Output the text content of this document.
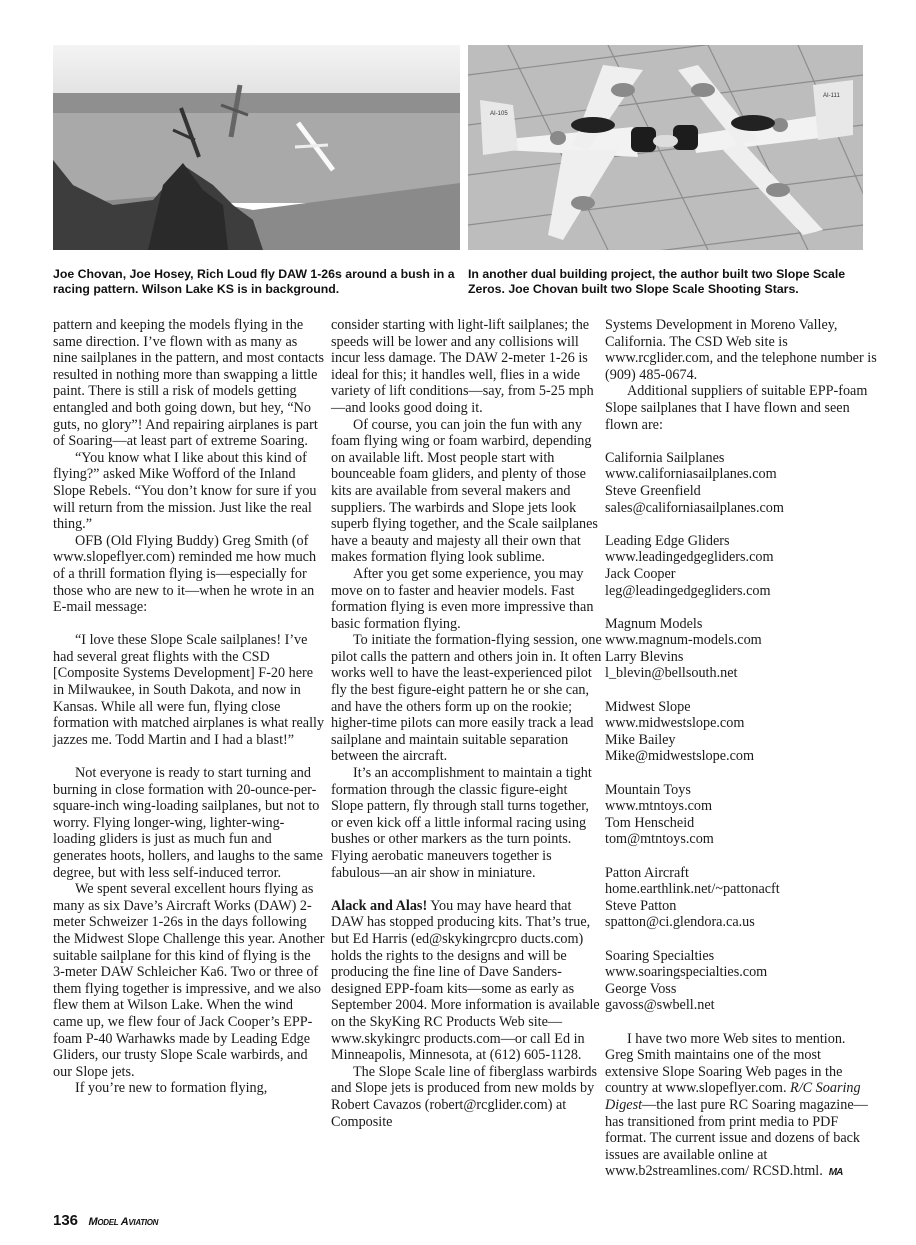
AI-105
AI-111
Joe Chovan, Joe Hosey, Rich Loud fly DAW 1-26s around a bush in a racing pattern. Wilson Lake KS is in background.
In another dual building project, the author built two Slope Scale Zeros. Joe Chovan built two Slope Scale Shooting Stars.

pattern and keeping the models flying in the same direction. I’ve flown with as many as nine sailplanes in the pattern, and most contacts resulted in nothing more than swapping a little paint. There is still a risk of models getting entangled and both going down, but hey, “No guts, no glory”! And repairing airplanes is part of Soaring—at least part of extreme Soaring.

“You know what I like about this kind of flying?” asked Mike Wofford of the Inland Slope Rebels. “You don’t know for sure if you will return from the mission. Just like the real thing.”

OFB (Old Flying Buddy) Greg Smith (of www.slopeflyer.com) reminded me how much of a thrill formation flying is—especially for those who are new to it—when he wrote in an E-mail message:

“I love these Slope Scale sailplanes! I’ve had several great flights with the CSD [Composite Systems Development] F-20 here in Milwaukee, in South Dakota, and now in Kansas. While all were fun, flying close formation with matched airplanes is what really jazzes me. Todd Martin and I had a blast!”

Not everyone is ready to start turning and burning in close formation with 20-ounce-per-square-inch wing-loading sailplanes, but not to worry. Flying longer-wing, lighter-wing-loading gliders is just as much fun and generates hoots, hollers, and laughs to the same degree, but with less self-induced terror.

We spent several excellent hours flying as many as six Dave’s Aircraft Works (DAW) 2-meter Schweizer 1-26s in the days following the Midwest Slope Challenge this year. Another suitable sailplane for this kind of flying is the 3-meter DAW Schleicher Ka6. Two or three of them flying together is impressive, and we also flew them at Wilson Lake. When the wind came up, we flew four of Jack Cooper’s EPP-foam P-40 Warhawks made by Leading Edge Gliders, our trusty Slope Scale warbirds, and our Slope jets.

If you’re new to formation flying,

consider starting with light-lift sailplanes; the speeds will be lower and any collisions will incur less damage. The DAW 2-meter 1-26 is ideal for this; it handles well, flies in a wide variety of lift conditions—say, from 5-25 mph—and looks good doing it.

Of course, you can join the fun with any foam flying wing or foam warbird, depending on available lift. Most people start with bounceable foam gliders, and plenty of those kits are available from several makers and suppliers. The warbirds and Slope jets look superb flying together, and the Scale sailplanes have a beauty and majesty all their own that makes formation flying look sublime.

After you get some experience, you may move on to faster and heavier models. Fast formation flying is even more impressive than basic formation flying.

To initiate the formation-flying session, one pilot calls the pattern and others join in. It often works well to have the least-experienced pilot fly the best figure-eight pattern he or she can, and have the others form up on the rookie; higher-time pilots can more easily track a lead sailplane and maintain suitable separation between the aircraft.

It’s an accomplishment to maintain a tight formation through the classic figure-eight Slope pattern, fly through stall turns together, or even kick off a little informal racing using bushes or other markers as the turn points. Flying aerobatic maneuvers together is fabulous—an air show in miniature.

Alack and Alas! You may have heard that DAW has stopped producing kits. That’s true, but Ed Harris (ed@skykingrcpro ducts.com) holds the rights to the designs and will be producing the fine line of Dave Sanders-designed EPP-foam kits—some as early as September 2004. More information is available on the SkyKing RC Products Web site—www.skykingrc products.com—or call Ed in Minneapolis, Minnesota, at (612) 605-1128.

The Slope Scale line of fiberglass warbirds and Slope jets is produced from new molds by Robert Cavazos (robert@rcglider.com) at Composite

Systems Development in Moreno Valley, California. The CSD Web site is www.rcglider.com, and the telephone number is (909) 485-0674.

Additional suppliers of suitable EPP-foam Slope sailplanes that I have flown and seen flown are:

California Sailplanes
www.californiasailplanes.com
Steve Greenfield
sales@californiasailplanes.com
Leading Edge Gliders
www.leadingedgegliders.com
Jack Cooper
leg@leadingedgegliders.com
Magnum Models
www.magnum-models.com
Larry Blevins
l_blevin@bellsouth.net
Midwest Slope
www.midwestslope.com
Mike Bailey
Mike@midwestslope.com
Mountain Toys
www.mtntoys.com
Tom Henscheid
tom@mtntoys.com
Patton Aircraft
home.earthlink.net/~pattonacft
Steve Patton
spatton@ci.glendora.ca.us
Soaring Specialties
www.soaringspecialties.com
George Voss
gavoss@swbell.net

I have two more Web sites to mention. Greg Smith maintains one of the most extensive Slope Soaring Web pages in the country at www.slopeflyer.com. R/C Soaring Digest—the last pure RC Soaring magazine—has transitioned from print media to PDF format. The current issue and dozens of back issues are available online at www.b2streamlines.com/ RCSD.html. MA

136 Model Aviation
